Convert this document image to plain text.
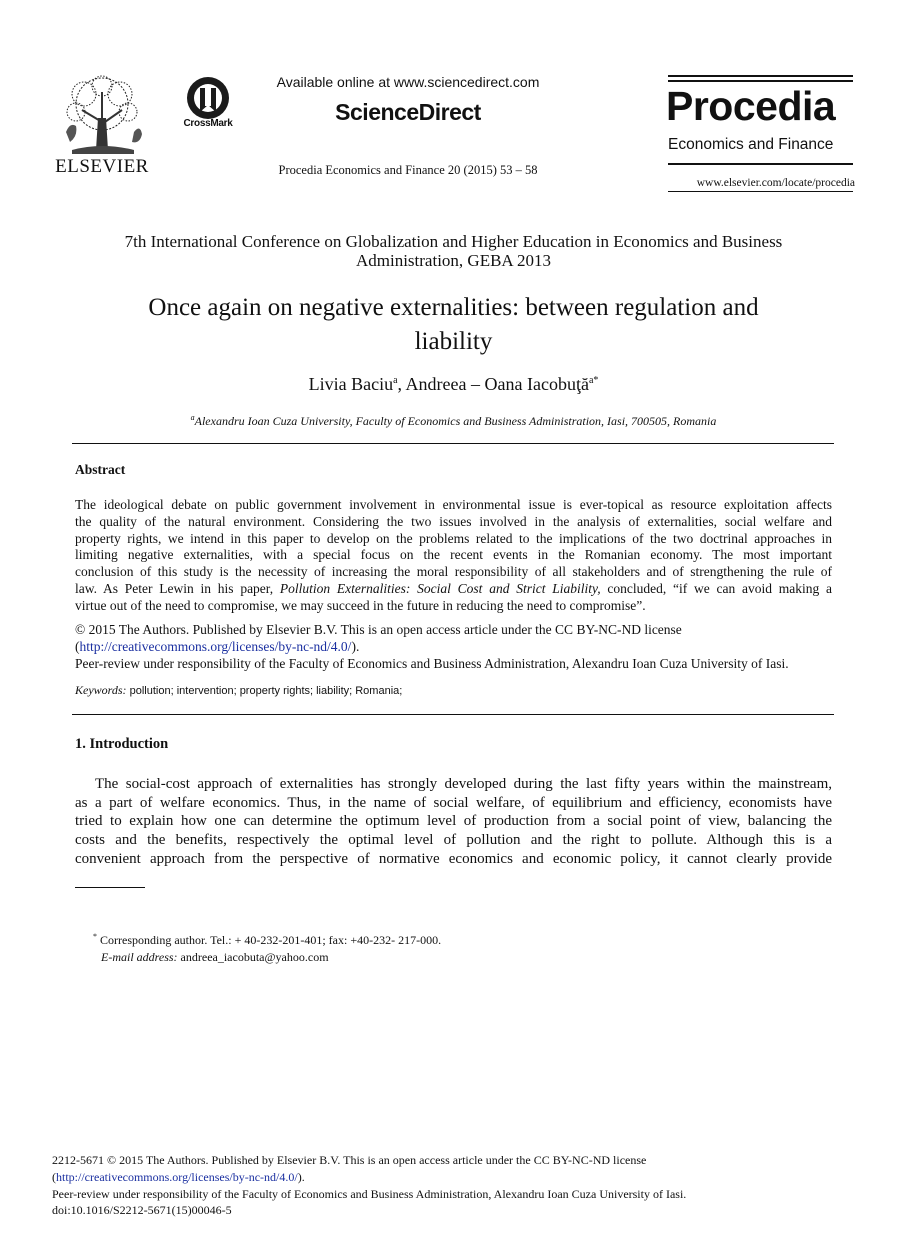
ELSEVIER
CrossMark
Available online at www.sciencedirect.com
ScienceDirect
Procedia Economics and Finance 20 (2015) 53 – 58
Procedia
Economics and Finance
www.elsevier.com/locate/procedia
7th International Conference on Globalization and Higher Education in Economics and Business
Administration, GEBA 2013
Once again on negative externalities: between regulation and
liability
Livia Baciu$^a$, Andreea – Oana Iacobuţă$^{a*}$
$^a$Alexandru Ioan Cuza University, Faculty of Economics and Business Administration, Iasi, 700505, Romania
Abstract
The ideological debate on public government involvement in environmental issue is ever-topical as resource exploitation affects
the quality of the natural environment. Considering the two issues involved in the analysis of externalities, social welfare and
property rights, we intend in this paper to develop on the problems related to the implications of the two doctrinal approaches in
limiting negative externalities, with a special focus on the recent events in the Romanian economy. The most important
conclusion of this study is the necessity of increasing the moral responsibility of all stakeholders and of strengthening the rule of
law. As Peter Lewin in his paper, Pollution Externalities: Social Cost and Strict Liability, concluded, “if we can avoid making a
virtue out of the need to compromise, we may succeed in the future in reducing the need to compromise”.
© 2015 The Authors. Published by Elsevier B.V. This is an open access article under the CC BY-NC-ND license
(http://creativecommons.org/licenses/by-nc-nd/4.0/).
Peer-review under responsibility of the Faculty of Economics and Business Administration, Alexandru Ioan Cuza University of Iasi.
Keywords: pollution; intervention; property rights; liability; Romania;
1. Introduction
The social-cost approach of externalities has strongly developed during the last fifty years within the mainstream,
as a part of welfare economics. Thus, in the name of social welfare, of equilibrium and efficiency, economists have
tried to explain how one can determine the optimum level of production from a social point of view, balancing the
costs and the benefits, respectively the optimal level of pollution and the right to pollute. Although this is a
convenient approach from the perspective of normative economics and economic policy, it cannot clearly provide
* Corresponding author. Tel.: + 40-232-201-401; fax: +40-232- 217-000.
E-mail address: andreea_iacobuta@yahoo.com
2212-5671 © 2015 The Authors. Published by Elsevier B.V. This is an open access article under the CC BY-NC-ND license
(http://creativecommons.org/licenses/by-nc-nd/4.0/).
Peer-review under responsibility of the Faculty of Economics and Business Administration, Alexandru Ioan Cuza University of Iasi.
doi:10.1016/S2212-5671(15)00046-5
